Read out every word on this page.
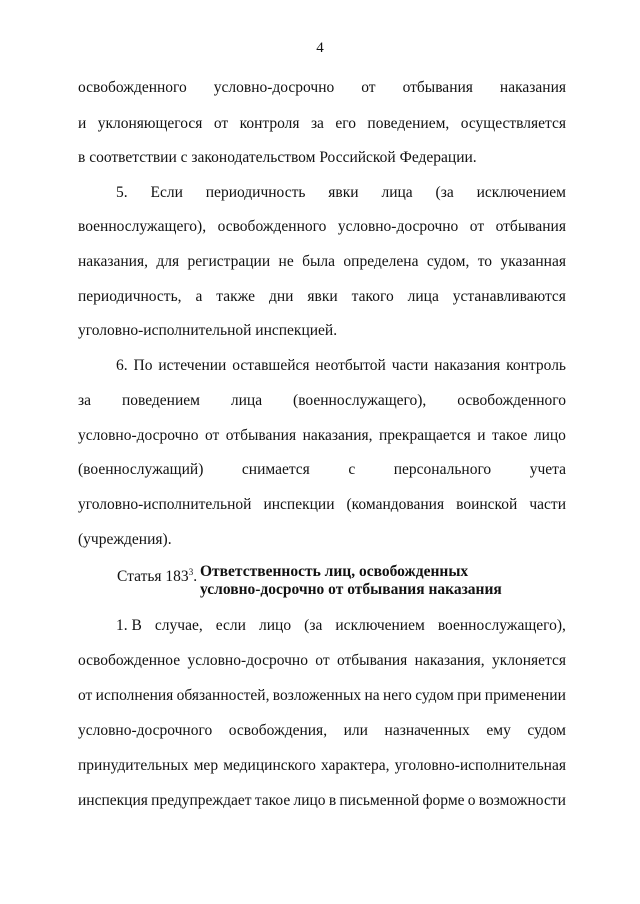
4
освобожденного условно-досрочно от отбывания наказания
и уклоняющегося от контроля за его поведением, осуществляется
в соответствии с законодательством Российской Федерации.
5. Если периодичность явки лица (за исключением
военнослужащего), освобожденного условно-досрочно от отбывания
наказания, для регистрации не была определена судом, то указанная
периодичность, а также дни явки такого лица устанавливаются
уголовно-исполнительной инспекцией.
6. По истечении оставшейся неотбытой части наказания контроль
за поведением лица (военнослужащего), освобожденного
условно-досрочно от отбывания наказания, прекращается и такое лицо
(военнослужащий) снимается с персонального учета
уголовно-исполнительной инспекции (командования воинской части
(учреждения).
Статья $183^3$. Ответственность лиц, освобожденных
условно-досрочно от отбывания наказания
1. В случае, если лицо (за исключением военнослужащего),
освобожденное условно-досрочно от отбывания наказания, уклоняется
от исполнения обязанностей, возложенных на него судом при применении
условно-досрочного освобождения, или назначенных ему судом
принудительных мер медицинского характера, уголовно-исполнительная
инспекция предупреждает такое лицо в письменной форме о возможности
